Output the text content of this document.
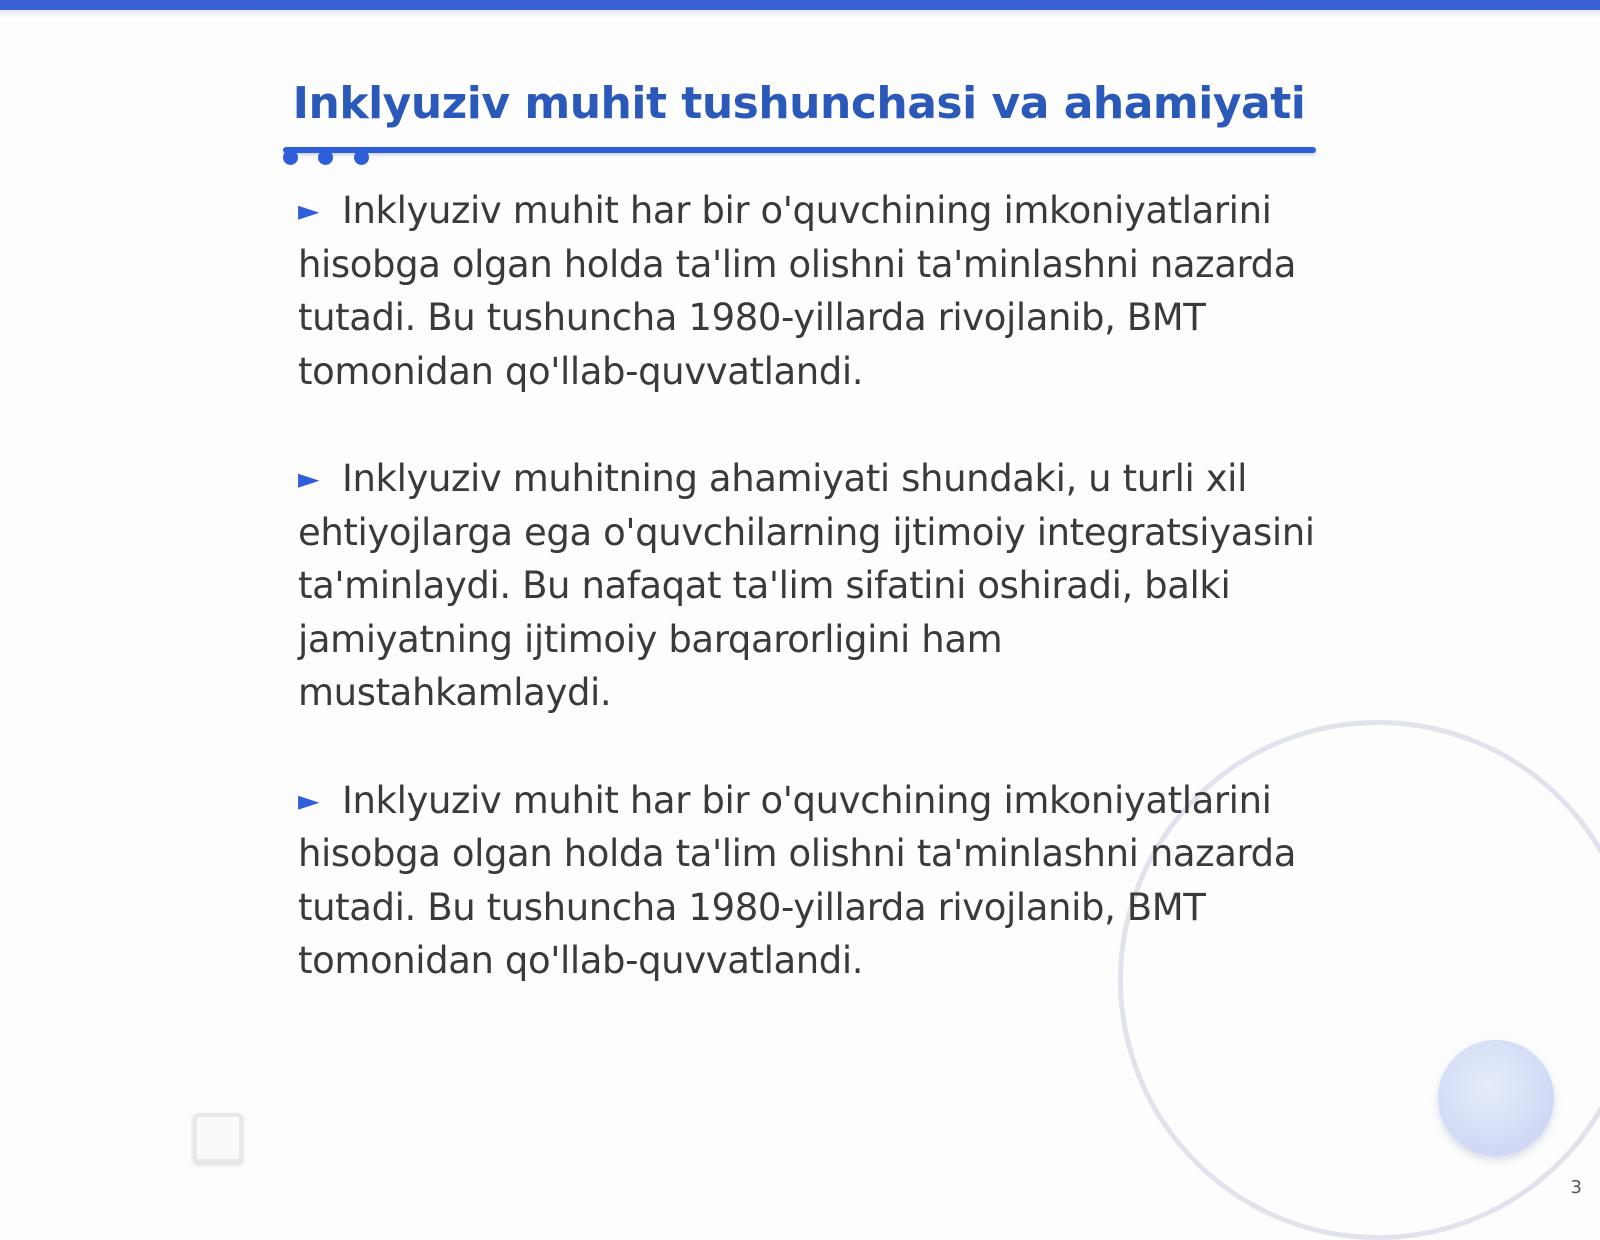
Inklyuziv muhit tushunchasi va ahamiyati

► Inklyuziv muhit har bir o'quvchining imkoniyatlarini hisobga olgan holda ta'lim olishni ta'minlashni nazarda tutadi. Bu tushuncha 1980-yillarda rivojlanib, BMT tomonidan qo'llab-quvvatlandi.

► Inklyuziv muhitning ahamiyati shundaki, u turli xil ehtiyojlarga ega o'quvchilarning ijtimoiy integratsiyasini ta'minlaydi. Bu nafaqat ta'lim sifatini oshiradi, balki jamiyatning ijtimoiy barqarorligini ham mustahkamlaydi.

► Inklyuziv muhit har bir o'quvchining imkoniyatlarini hisobga olgan holda ta'lim olishni ta'minlashni nazarda tutadi. Bu tushuncha 1980-yillarda rivojlanib, BMT tomonidan qo'llab-quvvatlandi.

3
